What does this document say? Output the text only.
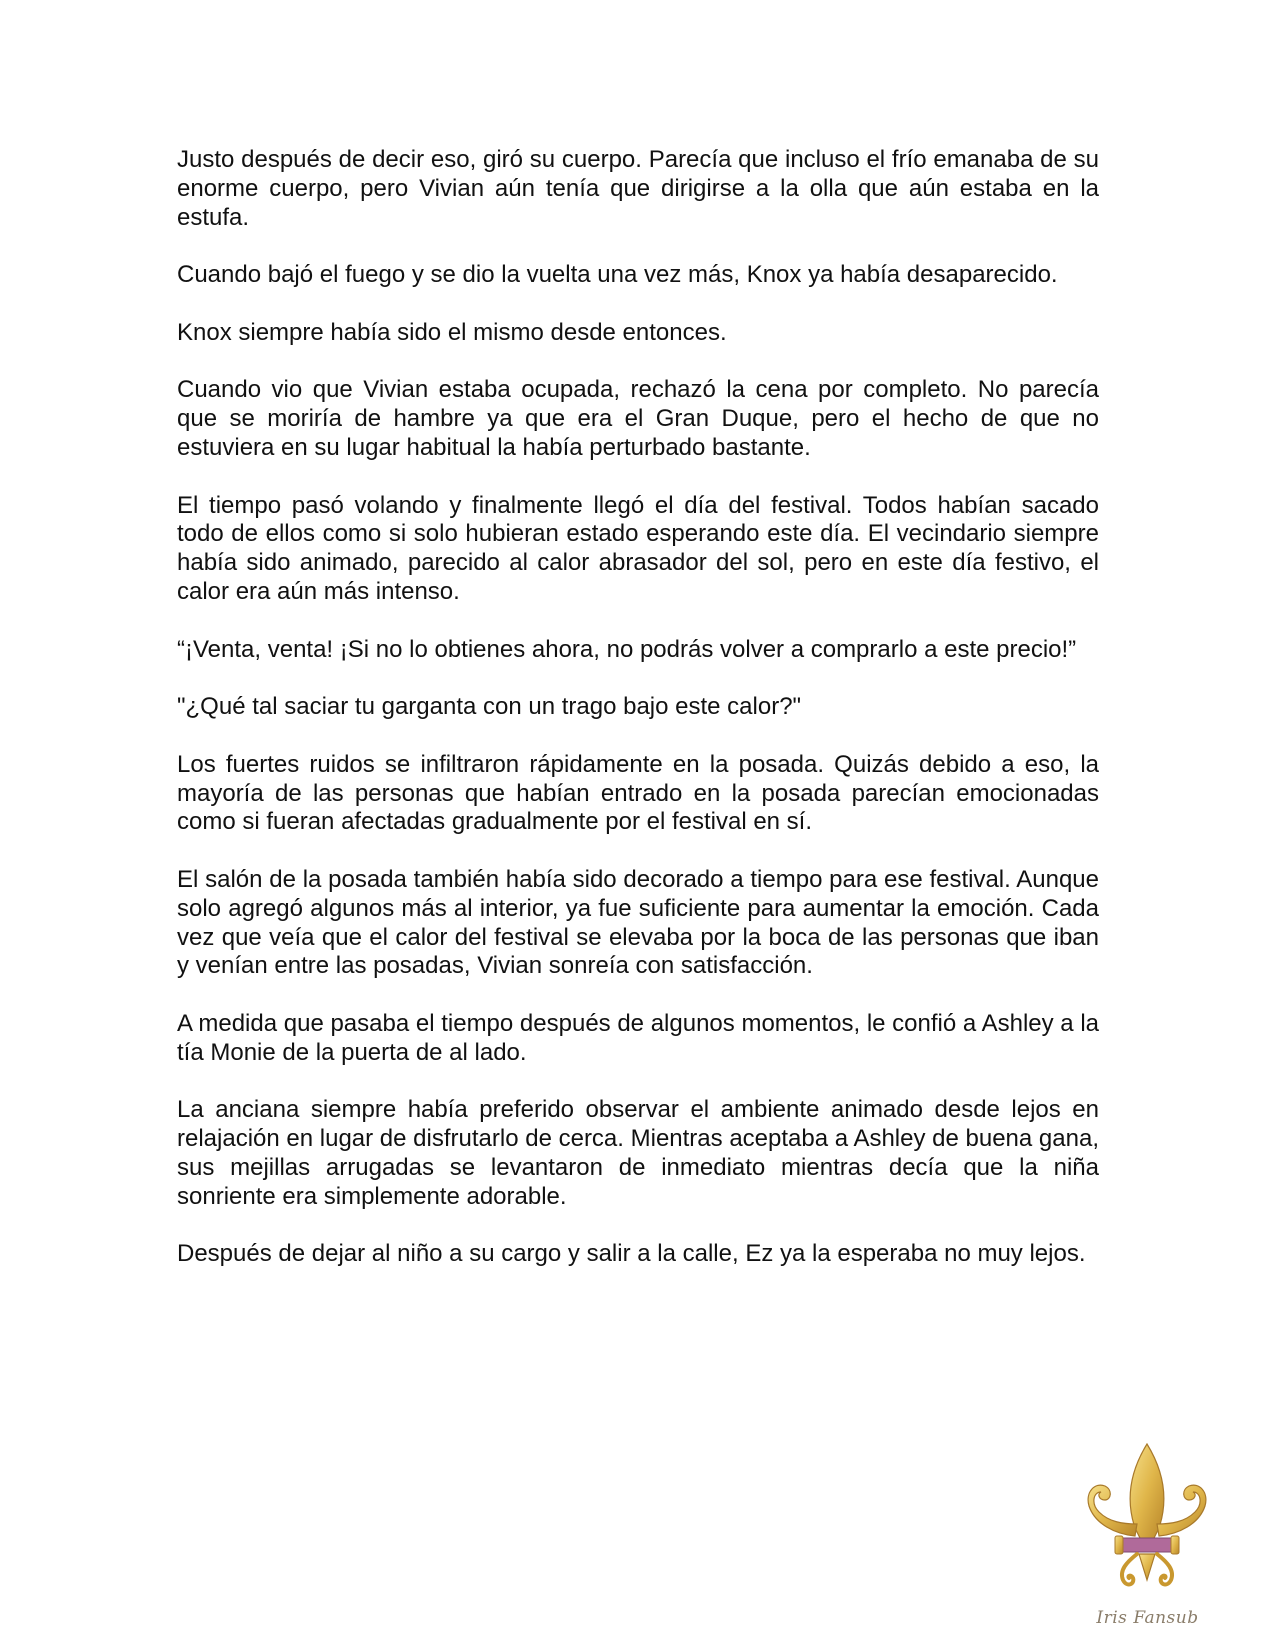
Justo después de decir eso, giró su cuerpo. Parecía que incluso el frío emanaba de su enorme cuerpo, pero Vivian aún tenía que dirigirse a la olla que aún estaba en la estufa.

Cuando bajó el fuego y se dio la vuelta una vez más, Knox ya había desaparecido.

Knox siempre había sido el mismo desde entonces.

Cuando vio que Vivian estaba ocupada, rechazó la cena por completo. No parecía que se moriría de hambre ya que era el Gran Duque, pero el hecho de que no estuviera en su lugar habitual la había perturbado bastante.

El tiempo pasó volando y finalmente llegó el día del festival. Todos habían sacado todo de ellos como si solo hubieran estado esperando este día. El vecindario siempre había sido animado, parecido al calor abrasador del sol, pero en este día festivo, el calor era aún más intenso.

“¡Venta, venta! ¡Si no lo obtienes ahora, no podrás volver a comprarlo a este precio!”

"¿Qué tal saciar tu garganta con un trago bajo este calor?"

Los fuertes ruidos se infiltraron rápidamente en la posada. Quizás debido a eso, la mayoría de las personas que habían entrado en la posada parecían emocionadas como si fueran afectadas gradualmente por el festival en sí.

El salón de la posada también había sido decorado a tiempo para ese festival. Aunque solo agregó algunos más al interior, ya fue suficiente para aumentar la emoción. Cada vez que veía que el calor del festival se elevaba por la boca de las personas que iban y venían entre las posadas, Vivian sonreía con satisfacción.

A medida que pasaba el tiempo después de algunos momentos, le confió a Ashley a la tía Monie de la puerta de al lado.

La anciana siempre había preferido observar el ambiente animado desde lejos en relajación en lugar de disfrutarlo de cerca. Mientras aceptaba a Ashley de buena gana, sus mejillas arrugadas se levantaron de inmediato mientras decía que la niña sonriente era simplemente adorable.

Después de dejar al niño a su cargo y salir a la calle, Ez ya la esperaba no muy lejos.

Iris Fansub
